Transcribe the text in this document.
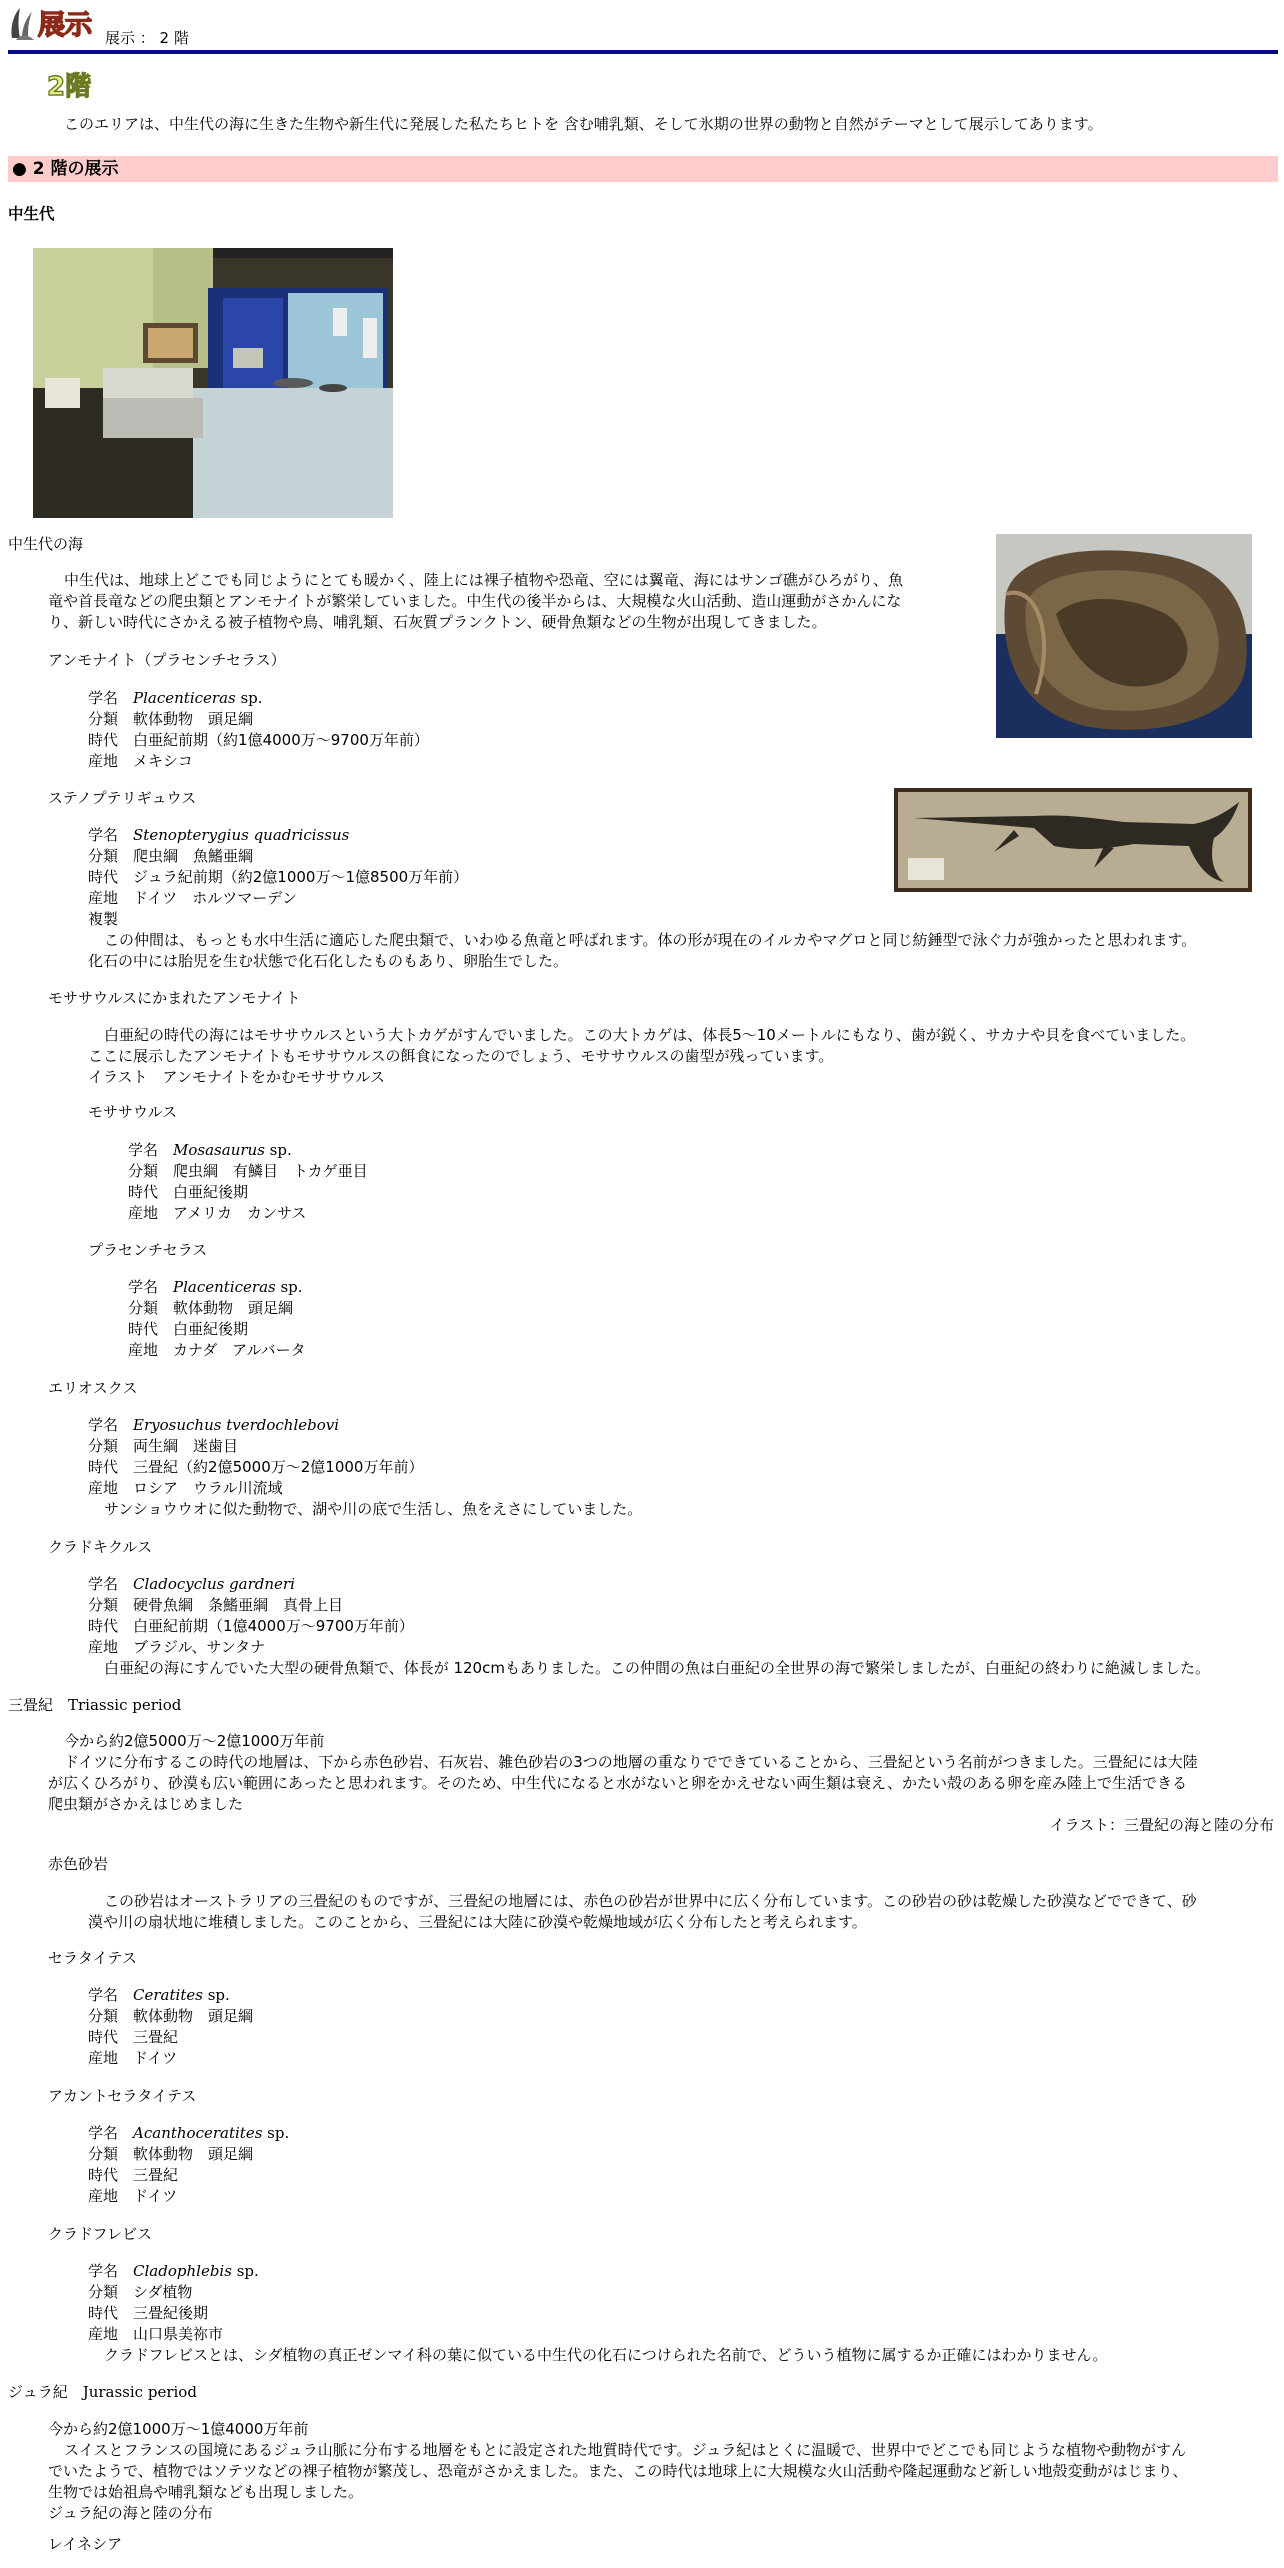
展示 展示 ： 2 階
2階
このエリアは、中生代の海に生きた生物や新生代に発展した私たちヒトを 含む哺乳類、そして氷期の世界の動物と自然がテーマとして展示してあります。
● 2 階の展示
中生代
中生代の海
中生代は、地球上どこでも同じようにとても暖かく、陸上には裸子植物や恐竜、空には翼竜、海にはサンゴ礁がひろがり、魚
竜や首長竜などの爬虫類とアンモナイトが繁栄していました。中生代の後半からは、大規模な火山活動、造山運動がさかんにな
り、新しい時代にさかえる被子植物や鳥、哺乳類、石灰質プランクトン、硬骨魚類などの生物が出現してきました。
アンモナイト（プラセンチセラス）
学名　 Placenticeras sp.
分類　 軟体動物　頭足綱
時代　 白亜紀前期（約1億4000万～9700万年前）
産地　 メキシコ
ステノプテリギュウス
学名　 Stenopterygius quadricissus
分類　 爬虫綱　魚鰭亜綱
時代　 ジュラ紀前期（約2億1000万～1億8500万年前）
産地　 ドイツ　ホルツマーデン
複製
この仲間は、もっとも水中生活に適応した爬虫類で、いわゆる魚竜と呼ばれます。体の形が現在のイルカやマグロと同じ紡錘型で泳ぐ力が強かったと思われます。
化石の中には胎児を生む状態で化石化したものもあり、卵胎生でした。
モササウルスにかまれたアンモナイト
白亜紀の時代の海にはモササウルスという大トカゲがすんでいました。この大トカゲは、体長5～10メートルにもなり、歯が鋭く、サカナや貝を食べていました。
ここに展示したアンモナイトもモササウルスの餌食になったのでしょう、モササウルスの歯型が残っています。
イラスト　アンモナイトをかむモササウルス
モササウルス
学名　 Mosasaurus sp.
分類　 爬虫綱　有鱗目　トカゲ亜目
時代　 白亜紀後期
産地　 アメリカ　カンサス
プラセンチセラス
学名　 Placenticeras sp.
分類　 軟体動物　頭足綱
時代　 白亜紀後期
産地　 カナダ　アルバータ
エリオスクス
学名　 Eryosuchus tverdochlebovi
分類　 両生綱　迷歯目
時代　 三畳紀（約2億5000万～2億1000万年前）
産地　 ロシア　ウラル川流域
サンショウウオに似た動物で、湖や川の底で生活し、魚をえさにしていました。
クラドキクルス
学名　 Cladocyclus gardneri
分類　 硬骨魚綱　条鰭亜綱　真骨上目
時代　 白亜紀前期（1億4000万～9700万年前）
産地　 ブラジル、サンタナ
白亜紀の海にすんでいた大型の硬骨魚類で、体長が 120cmもありました。この仲間の魚は白亜紀の全世界の海で繁栄しましたが、白亜紀の終わりに絶滅しました。
三畳紀　Triassic period
今から約2億5000万～2億1000万年前
ドイツに分布するこの時代の地層は、下から赤色砂岩、石灰岩、雑色砂岩の3つの地層の重なりでできていることから、三畳紀という名前がつきました。三畳紀には大陸
が広くひろがり、砂漠も広い範囲にあったと思われます。そのため、中生代になると水がないと卵をかえせない両生類は衰え、かたい殻のある卵を産み陸上で生活できる
爬虫類がさかえはじめました
イラスト：三畳紀の海と陸の分布
赤色砂岩
この砂岩はオーストラリアの三畳紀のものですが、三畳紀の地層には、赤色の砂岩が世界中に広く分布しています。この砂岩の砂は乾燥した砂漠などでできて、砂
漠や川の扇状地に堆積しました。このことから、三畳紀には大陸に砂漠や乾燥地域が広く分布したと考えられます。
セラタイテス
学名　 Ceratites sp.
分類　 軟体動物　頭足綱
時代　 三畳紀
産地　 ドイツ
アカントセラタイテス
学名　 Acanthoceratites sp.
分類　 軟体動物　頭足綱
時代　 三畳紀
産地　 ドイツ
クラドフレビス
学名　 Cladophlebis sp.
分類　 シダ植物
時代　 三畳紀後期
産地　 山口県美祢市
クラドフレビスとは、シダ植物の真正ゼンマイ科の葉に似ている中生代の化石につけられた名前で、どういう植物に属するか正確にはわかりません。
ジュラ紀　Jurassic period
今から約2億1000万～1億4000万年前
スイスとフランスの国境にあるジュラ山脈に分布する地層をもとに設定された地質時代です。ジュラ紀はとくに温暖で、世界中でどこでも同じような植物や動物がすん
でいたようで、植物ではソテツなどの裸子植物が繁茂し、恐竜がさかえました。また、この時代は地球上に大規模な火山活動や隆起運動など新しい地殻変動がはじまり、
生物では始祖鳥や哺乳類なども出現しました。
ジュラ紀の海と陸の分布
レイネシア
